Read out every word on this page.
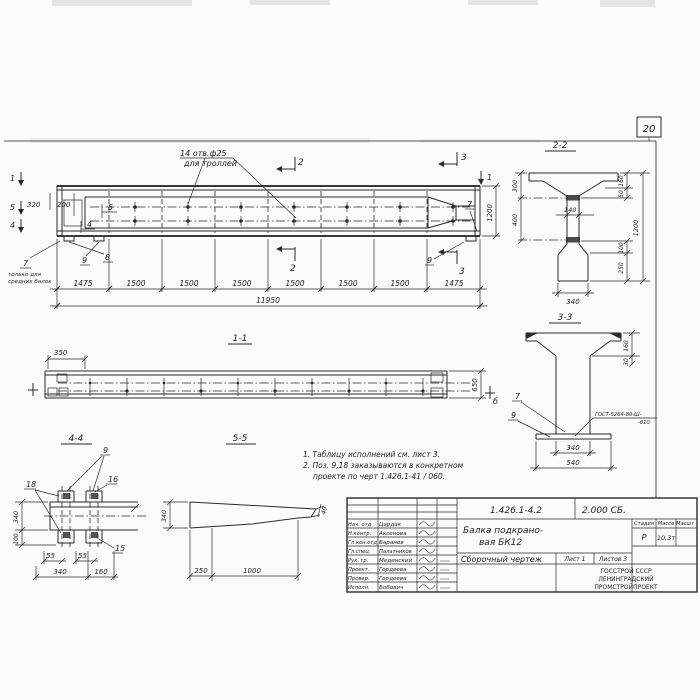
20
14 отв.ф25
для троллей
1
5
4
320 200	5
4
9 8
7
только для
средних балок
7
9
1
2
2
3
3
1200
1475	1500	1500	1500	1500	1500	1500	1475
11950
1-1
350
650
б
2-2
300
400
140
160
50
100
250
1200
340
3-3
160
30
7
9	ГОСТ-5264-80-Ш-
-б10
340
540
4-4
9
18
16
15
340
100
55	55
340	160
5-5
340	40
250	1000
1. Таблицу исполнений см. лист 3.
2. Поз. 9,18 заказываются в конкретном
проекте по черт 1.426.1-41 / 060.
1.426.1-4.2	2.000 СБ.
Нач. отд Цардак
Н.контр. Аксенова
Гл.кон.отд Баранов
Гл.спец. Палатников
Рук. гр. Мединский
Проект. Гордеева
Провер. Гордеева
Исполн. Бобович
Балка подкрано-
вая БК12
Сборочный чертеж
Стадия Масса Масшт.
Р 10,3т
Лист 1 Листов 3
ГОССТРОЙ СССР
ЛЕНИНГРАДСКИЙ
ПРОМСТРОЙПРОЕКТ
